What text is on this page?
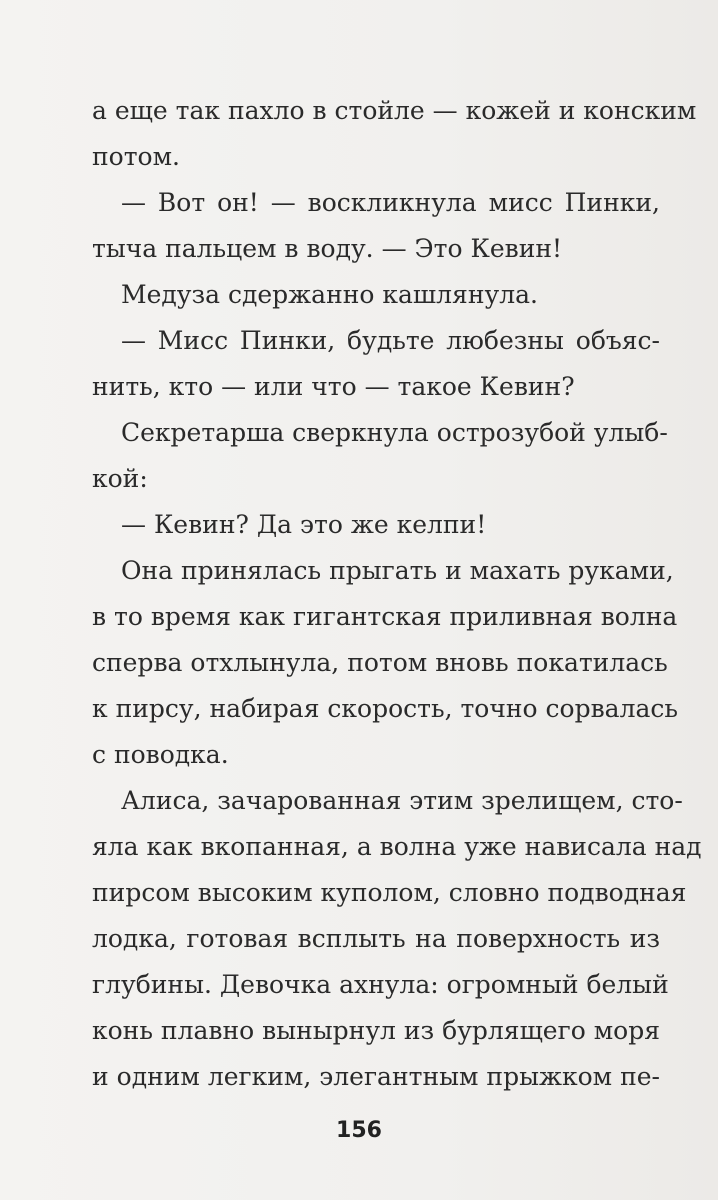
а еще так пахло в стойле — кожей и конским
потом.
— Вот он! — воскликнула мисс Пинки,
тыча пальцем в воду. — Это Кевин!
Медуза сдержанно кашлянула.
— Мисс Пинки, будьте любезны объяс-
нить, кто — или что — такое Кевин?
Секретарша сверкнула острозубой улыб-
кой:
— Кевин? Да это же келпи!
Она принялась прыгать и махать руками,
в то время как гигантская приливная волна
сперва отхлынула, потом вновь покатилась
к пирсу, набирая скорость, точно сорвалась
с поводка.
Алиса, зачарованная этим зрелищем, сто-
яла как вкопанная, а волна уже нависала над
пирсом высоким куполом, словно подводная
лодка, готовая всплыть на поверхность из
глубины. Девочка ахнула: огромный белый
конь плавно вынырнул из бурлящего моря
и одним легким, элегантным прыжком пе-
156
